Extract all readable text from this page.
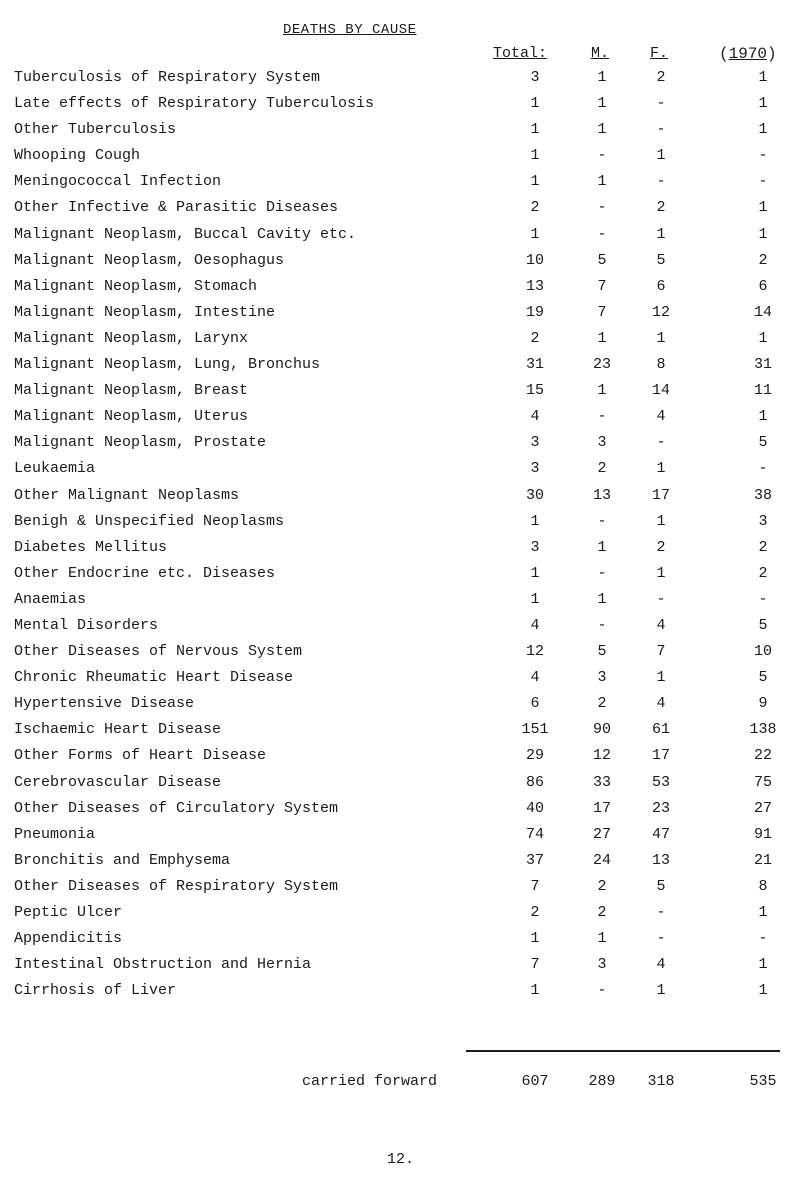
DEATHS BY CAUSE
Total:	M.	F.	(1970)
Tuberculosis of Respiratory System	3	1	2	1
Late effects of Respiratory Tuberculosis	1	1	-	1
Other Tuberculosis	1	1	-	1
Whooping Cough	1	-	1	-
Meningococcal Infection	1	1	-	-
Other Infective & Parasitic Diseases	2	-	2	1
Malignant Neoplasm, Buccal Cavity etc.	1	-	1	1
Malignant Neoplasm, Oesophagus	10	5	5	2
Malignant Neoplasm, Stomach	13	7	6	6
Malignant Neoplasm, Intestine	19	7	12	14
Malignant Neoplasm, Larynx	2	1	1	1
Malignant Neoplasm, Lung, Bronchus	31	23	8	31
Malignant Neoplasm, Breast	15	1	14	11
Malignant Neoplasm, Uterus	4	-	4	1
Malignant Neoplasm, Prostate	3	3	-	5
Leukaemia	3	2	1	-
Other Malignant Neoplasms	30	13	17	38
Benigh & Unspecified Neoplasms	1	-	1	3
Diabetes Mellitus	3	1	2	2
Other Endocrine etc. Diseases	1	-	1	2
Anaemias	1	1	-	-
Mental Disorders	4	-	4	5
Other Diseases of Nervous System	12	5	7	10
Chronic Rheumatic Heart Disease	4	3	1	5
Hypertensive Disease	6	2	4	9
Ischaemic Heart Disease	151	90	61	138
Other Forms of Heart Disease	29	12	17	22
Cerebrovascular Disease	86	33	53	75
Other Diseases of Circulatory System	40	17	23	27
Pneumonia	74	27	47	91
Bronchitis and Emphysema	37	24	13	21
Other Diseases of Respiratory System	7	2	5	8
Peptic Ulcer	2	2	-	1
Appendicitis	1	1	-	-
Intestinal Obstruction and Hernia	7	3	4	1
Cirrhosis of Liver	1	-	1	1
carried forward	607	289	318	535
12.
